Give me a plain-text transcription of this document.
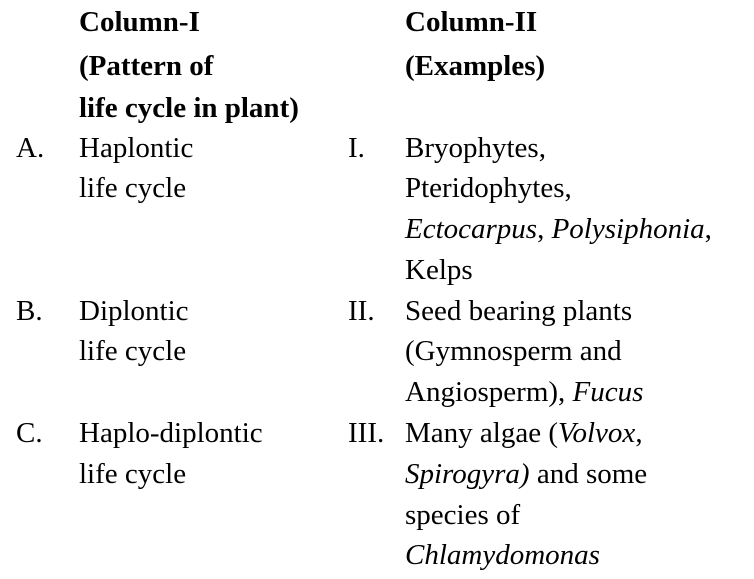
Column-I
(Pattern of
life cycle in plant)
Column-II
(Examples)
A. Haplontic
life cycle
I. Bryophytes,
Pteridophytes,
Ectocarpus, Polysiphonia,
Kelps
B. Diplontic
life cycle
II. Seed bearing plants
(Gymnosperm and
Angiosperm), Fucus
C. Haplo-diplontic
life cycle
III. Many algae (Volvox,
Spirogyra) and some
species of
Chlamydomonas
